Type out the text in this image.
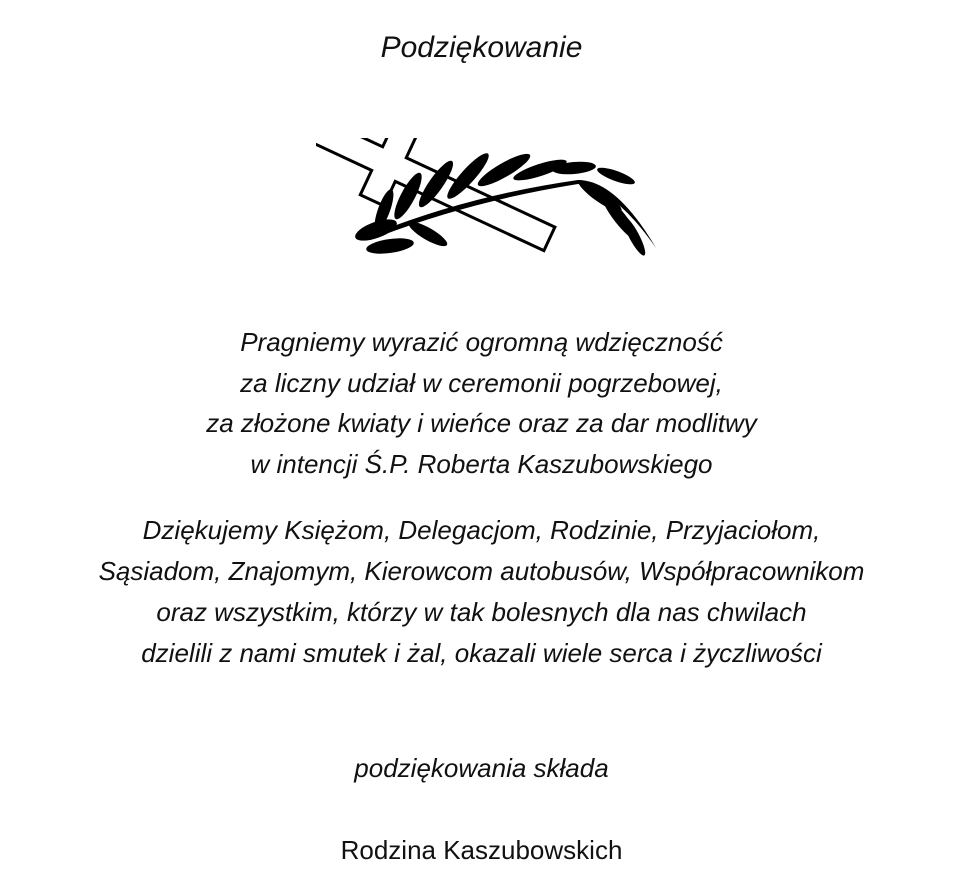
Podziękowanie
Pragniemy wyrazić ogromną wdzięczność
za liczny udział w ceremonii pogrzebowej,
za złożone kwiaty i wieńce oraz za dar modlitwy
w intencji Ś.P. Roberta Kaszubowskiego
Dziękujemy Księżom, Delegacjom, Rodzinie, Przyjaciołom,
Sąsiadom, Znajomym, Kierowcom autobusów, Współpracownikom
oraz wszystkim, którzy w tak bolesnych dla nas chwilach
dzielili z nami smutek i żal, okazali wiele serca i życzliwości
podziękowania składa
Rodzina Kaszubowskich
